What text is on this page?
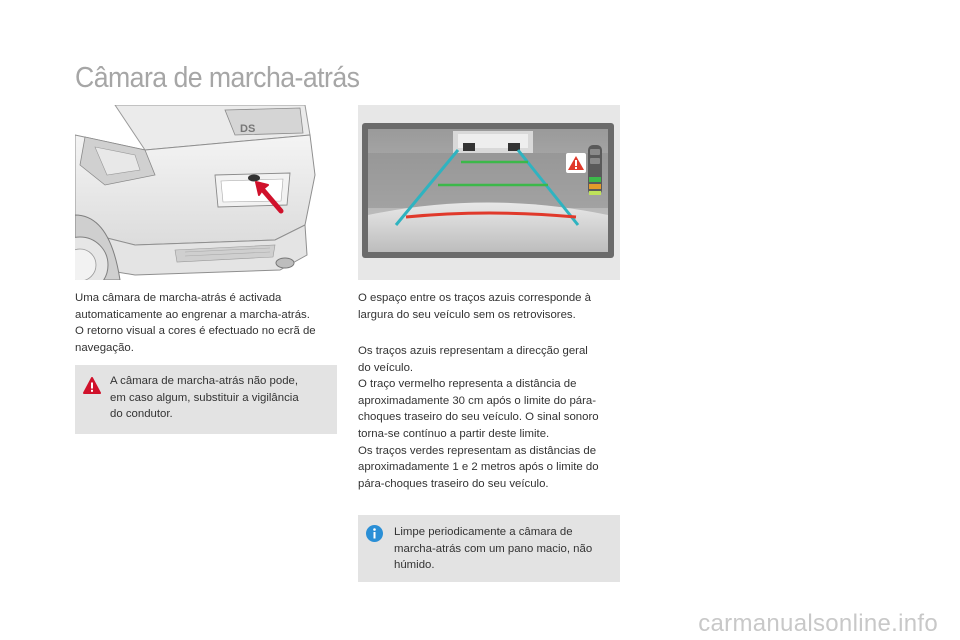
Câmara de marcha-atrás
DS

Uma câmara de marcha-atrás é activada
automaticamente ao engrenar a marcha-atrás.
O retorno visual a cores é efectuado no ecrã de
navegação.

A câmara de marcha-atrás não pode,
em caso algum, substituir a vigilância
do condutor.

O espaço entre os traços azuis corresponde à
largura do seu veículo sem os retrovisores.

Os traços azuis representam a direcção geral
do veículo.
O traço vermelho representa a distância de
aproximadamente 30 cm após o limite do pára-
choques traseiro do seu veículo. O sinal sonoro
torna-se contínuo a partir deste limite.
Os traços verdes representam as distâncias de
aproximadamente 1 e 2 metros após o limite do
pára-choques traseiro do seu veículo.

Limpe periodicamente a câmara de
marcha-atrás com um pano macio, não
húmido.

carmanualsonline.info
